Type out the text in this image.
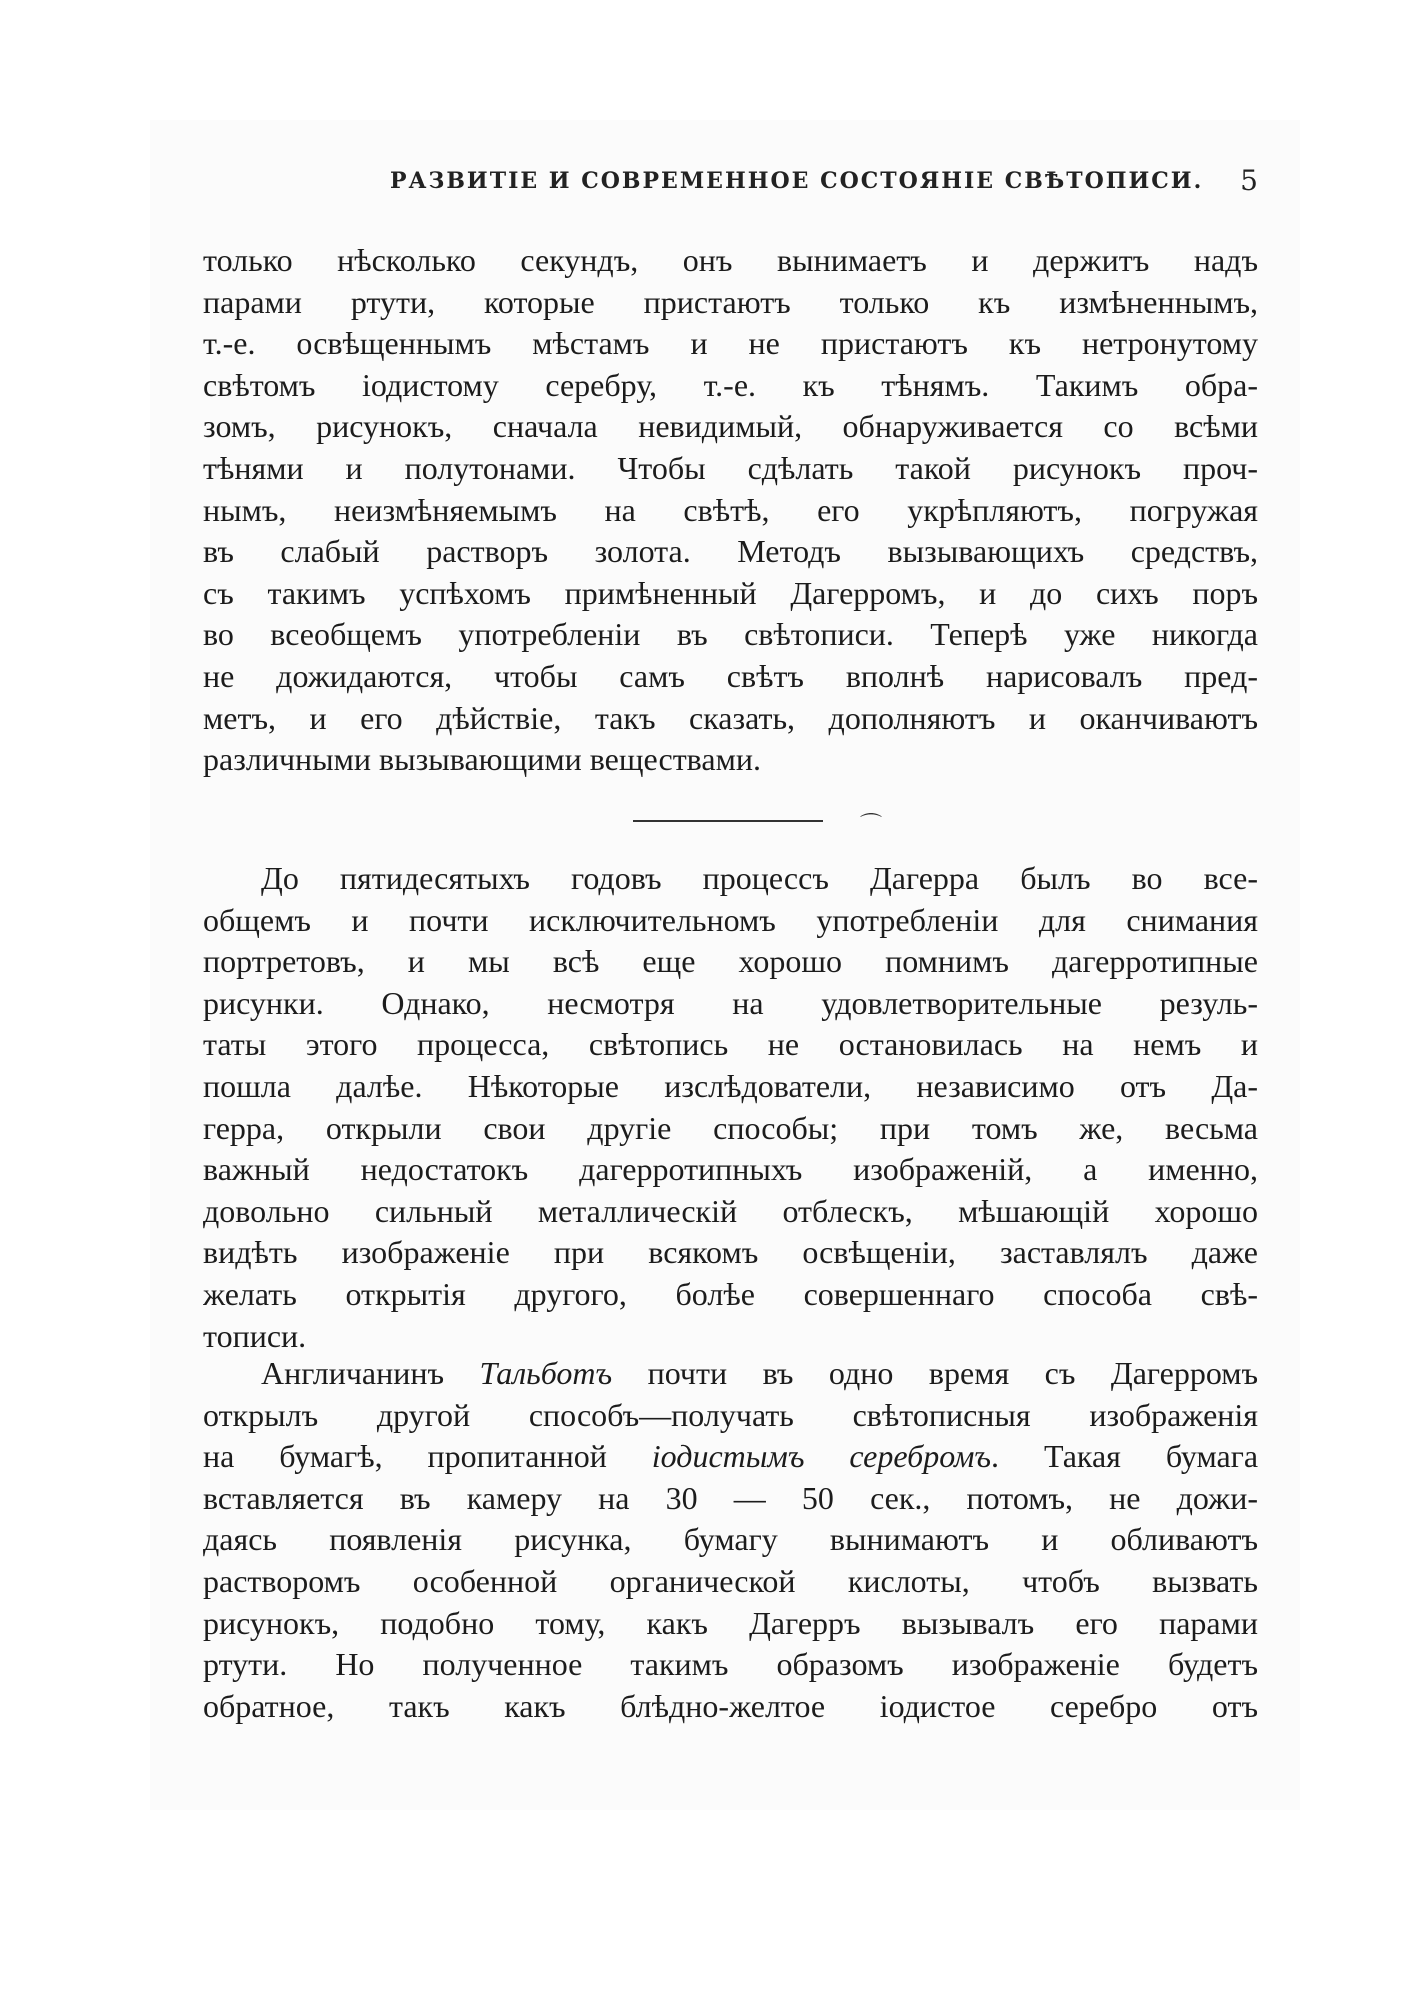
РАЗВИТІЕ И СОВРЕМЕННОЕ СОСТОЯНІЕ СВѢТОПИСИ. 5
только нѣсколько секундъ, онъ вынимаетъ и держитъ надъ
парами ртути, которые пристаютъ только къ измѣненнымъ,
т.-е. освѣщеннымъ мѣстамъ и не пристаютъ къ нетронутому
свѣтомъ іодистому серебру, т.-е. къ тѣнямъ. Такимъ обра-
зомъ, рисунокъ, сначала невидимый, обнаруживается со всѣми
тѣнями и полутонами. Чтобы сдѣлать такой рисунокъ проч-
нымъ, неизмѣняемымъ на свѣтѣ, его укрѣпляютъ, погружая
въ слабый растворъ золота. Методъ вызывающихъ средствъ,
съ такимъ успѣхомъ примѣненный Дагерромъ, и до сихъ поръ
во всеобщемъ употребленіи въ свѣтописи. Теперѣ уже никогда
не дожидаются, чтобы самъ свѣтъ вполнѣ нарисовалъ пред-
метъ, и его дѣйствіе, такъ сказать, дополняютъ и оканчиваютъ
различными вызывающими веществами.
⌒
До пятидесятыхъ годовъ процессъ Дагерра былъ во все-
общемъ и почти исключительномъ употребленіи для снимания
портретовъ, и мы всѣ еще хорошо помнимъ дагерротипные
рисунки. Однако, несмотря на удовлетворительные резуль-
таты этого процесса, свѣтопись не остановилась на немъ и
пошла далѣе. Нѣкоторые изслѣдователи, независимо отъ Да-
герра, открыли свои другіе способы; при томъ же, весьма
важный недостатокъ дагерротипныхъ изображеній, а именно,
довольно сильный металлическій отблескъ, мѣшающій хорошо
видѣть изображеніе при всякомъ освѣщеніи, заставлялъ даже
желать открытія другого, болѣе совершеннаго способа свѣ-
тописи.
Англичанинъ Тальботъ почти въ одно время съ Дагерромъ
открылъ другой способъ—получать свѣтописныя изображенія
на бумагѣ, пропитанной іодистымъ серебромъ. Такая бумага
вставляется въ камеру на 30 — 50 сек., потомъ, не дожи-
даясь появленія рисунка, бумагу вынимаютъ и обливаютъ
растворомъ особенной органической кислоты, чтобъ вызвать
рисунокъ, подобно тому, какъ Дагерръ вызывалъ его парами
ртути. Но полученное такимъ образомъ изображеніе будетъ
обратное, такъ какъ блѣдно-желтое іодистое серебро отъ
